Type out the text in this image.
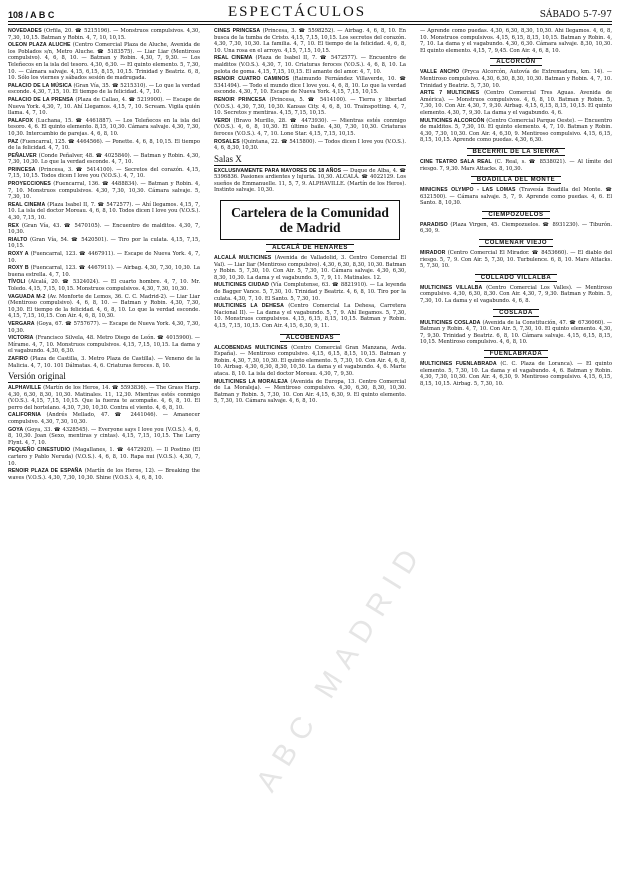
108 / A B C	ESPECTÁCULOS	SÁBADO 5-7-97

NOVEDADES (Orfila, 20. ☎ 5215196). — Monstruos compulsivos. 4,30, 7,30, 10,15. Batman y Robin. 4, 7, 10, 10,15.

OLEON PLAZA ALUCHE (Centro Comercial Plaza de Aluche, Avenida de los Poblados s/n, Metro Aluche. ☎ 5183575). — Liar Liar (Mentiroso compulsivo). 4, 6, 8, 10. — Batman y Robin. 4,30, 7, 9,30. — Los Teleñecos en la isla del tesoro. 4,30, 6,30. — El quinto elemento. 5, 7,30, 10. — Cámara salvaje. 4,15, 6,15, 8,15, 10,15. Trinidad y Beatriz. 6, 8, 10. Sólo los viernes y sábados sesión de madrugada.

PALACIO DE LA MÚSICA (Gran Vía, 35. ☎ 5215310). — Lo que la verdad esconde. 4,30, 7,15, 10. El tiempo de la felicidad. 4, 7, 10.

PALACIO DE LA PRENSA (Plaza de Callao, 4. ☎ 5219900). — Escape de Nueva York. 4,30, 7, 10. Ahí Llegamos. 4,15, 7, 10. Scream. Vigila quién llama. 4, 7, 10.

PALAFOX (Luchana, 15. ☎ 4461887). — Los Teleñecos en la isla del tesoro. 4, 6. El quinto elemento. 8,15, 10,30. Cámara salvaje. 4,30, 7,30, 10,30. Intercambio de parejas. 4, 6, 8, 10.

PAZ (Fuencarral, 125. ☎ 4464566). — Ponette. 4, 6, 8, 10,15. El tiempo de la felicidad. 4, 7, 10.

PEÑALVER (Conde Peñalver, 48. ☎ 4025840). — Batman y Robin. 4,30, 7,30, 10,30. Lo que la verdad esconde. 4, 7, 10.

PRINCESA (Princesa, 3. ☎ 5414100). — Secretos del corazón. 4,15, 7,15, 10,15. Todos dicen I love you (V.O.S.). 4, 7, 10.

PROYECCIONES (Fuencarral, 136. ☎ 4488834). — Batman y Robin. 4, 7, 10. Monstruos compulsivos. 4,30, 7,30, 10,30. Cámara salvaje. 5, 7,30, 10.

REAL CINEMA (Plaza Isabel II, 7. ☎ 5472577). — Ahí llegamos. 4,15, 7, 10. La isla del doctor Moreau. 4, 6, 8, 10. Todos dicen I love you (V.O.S.). 4,30, 7,15, 10.

REX (Gran Vía, 43. ☎ 5470105). — Encuentro de malditos. 4,30, 7, 10,30.

RIALTO (Gran Vía, 54. ☎ 5420501). — Tiro por la culata. 4,15, 7,15, 10,15.

ROXY A (Fuencarral, 123. ☎ 4467911). — Escape de Nueva York. 4, 7, 10.

ROXY B (Fuencarral, 123. ☎ 4467911). — Airbag. 4,30, 7,30, 10,30. La buena estrella. 4, 7, 10.

TÍVOLI (Alcalá, 20. ☎ 5324024). — El cuarto hombre. 4, 7, 10. Mr. Toledo. 4,15, 7,15, 10,15. Monstruos compulsivos. 4,30, 7,30, 10,30.

VAGUADA M-2 (Av. Monforte de Lemos, 36. C. C. Madrid-2). — Liar Liar (Mentiroso compulsivo). 4, 6, 8, 10. — Batman y Robin. 4,30, 7,30, 10,30. El tiempo de la felicidad. 4, 6, 8, 10. Lo que la verdad esconde. 4,15, 7,15, 10,15. Con Air. 4, 6, 8, 10,30.

VERGARA (Goya, 67. ☎ 5757677). — Escape de Nueva York. 4,30, 7,30, 10,30.

VICTORIA (Francisco Silvela, 48. Metro Diego de León. ☎ 4015900). — Mírame. 4, 7, 10. Monstruos compulsivos. 4,15, 7,15, 10,15. La dama y el vagabundo. 4,30, 6,30.

ZAFIRO (Plaza de Castilla, 3. Metro Plaza de Castilla). — Veneno de la Malicia. 4, 7, 10. 101 Dálmatas. 4, 6. Criaturas feroces. 8, 10.

Versión original

ALPHAVILLE (Martín de los Heros, 14. ☎ 5593836). — The Grass Harp. 4,30, 6,30, 8,30, 10,30. Matinales. 11, 12,30. Mientras estés conmigo (V.O.S.). 4,15, 7,15, 10,15. Que la fuerza te acompañe. 4, 6, 8, 10. El perro del hortelano. 4,30, 7,30, 10,30. Contra el viento. 4, 6, 8, 10.

CALIFORNIA (Andrés Mellado, 47. ☎ 2441046). — Amanecer compulsivo. 4,30, 7,30, 10,30.

GOYA (Goya, 33. ☎ 4328545). — Everyone says I love you (V.O.S.). 4, 6, 8, 10,30. Joan (Sexo, mentiras y cintas). 4,15, 7,15, 10,15. The Larry Flynt. 4, 7, 10.

PEQUEÑO CINESTUDIO (Magallanes, 1. ☎ 4472920). — Il Postino (El cartero y Pablo Neruda) (V.O.S.). 4, 6, 8, 10. Rapa nui (V.O.S.). 4,30, 7, 10.

RENOIR PLAZA DE ESPAÑA (Martín de los Heros, 12). — Breaking the waves (V.O.S.). 4,30, 7,30, 10,30. Shine (V.O.S.). 4, 6, 8, 10.

CINES PRINCESA (Princesa, 3. ☎ 5598252). — Airbag. 4, 6, 8, 10. En busca de la tumba de Cristo. 4,15, 7,15, 10,15. Los secretos del corazón. 4,30, 7,30, 10,30. La familia. 4, 7, 10. El tiempo de la felicidad. 4, 6, 8, 10. Una rosa en el arroyo. 4,15, 7,15, 10,15.

REAL CINEMA (Plaza de Isabel II, 7. ☎ 5472577). — Encuentro de malditos (V.O.S.). 4,30, 7, 10. Criaturas feroces (V.O.S.). 4, 6, 8, 10. La pelota de goma. 4,15, 7,15, 10,15. El amante del amor. 4, 7, 10.

RENOIR CUATRO CAMINOS (Raimundo Fernández Villaverde, 10. ☎ 5341494). — Todo el mundo dice I love you. 4, 6, 8, 10. Lo que la verdad esconde. 4,30, 7, 10. Escape de Nueva York. 4,15, 7,15, 10,15.

RENOIR PRINCESA (Princesa, 5. ☎ 5414100). — Tierra y libertad (V.O.S.). 4,30, 7,30, 10,30. Kansas City. 4, 6, 8, 10. Trainspotting. 4, 7, 10. Secretos y mentiras. 4,15, 7,15, 10,15.

VERDI (Bravo Murillo, 28. ☎ 4473930). — Mientras estés conmigo (V.O.S.). 4, 6, 8, 10,30. El último baile. 4,30, 7,30, 10,30. Criaturas feroces (V.O.S.). 4, 7, 10. Lone Star. 4,15, 7,15, 10,15.

ROSALES (Quintana, 22. ☎ 5415800). — Todos dicen I love you (V.O.S.). 4, 6, 8,30, 10,30.

Salas X

EXCLUSIVAMENTE PARA MAYORES DE 18 AÑOS — Duque de Alba, 4. ☎ 5396836. Pasiones ardientes y lujuria. 10,30. ALCALÁ. ☎ 4022129. Los sueños de Emmanuelle. 11, 5, 7, 9. ALPHAVILLE. (Martín de los Heros). Instinto salvaje. 10,30.

Cartelera de la Comunidad de Madrid
ALCALÁ DE HENARES

ALCALÁ MULTICINES (Avenida de Valladolid, 3. Centro Comercial El Val). — Liar liar (Mentiroso compulsivo). 4,30, 6,30, 8,30, 10,30. Batman y Robin. 5, 7,30, 10. Con Air. 5, 7,30, 10. Cámara salvaje. 4,30, 6,30, 8,30, 10,30. La dama y el vagabundo. 5, 7, 9, 11. Matinales. 12.

MULTICINES CIUDAD (Vía Complutense, 63. ☎ 8821910). — La leyenda de Bagger Vance. 5, 7,30, 10. Trinidad y Beatriz. 4, 6, 8, 10. Tiro por la culata. 4,30, 7, 10. El Santo. 5, 7,30, 10.

MULTICINES LA DEHESA (Centro Comercial La Dehesa, Carretera Nacional II). — La dama y el vagabundo. 5, 7, 9. Ahí llegamos. 5, 7,30, 10. Monstruos compulsivos. 4,15, 6,15, 8,15, 10,15. Batman y Robin. 4,15, 7,15, 10,15. Con Air. 4,15, 6,30, 9, 11.

ALCOBENDAS

ALCOBENDAS MULTICINES (Centro Comercial Gran Manzana, Avda. España). — Mentiroso compulsivo. 4,15, 6,15, 8,15, 10,15. Batman y Robin. 4,30, 7,30, 10,30. El quinto elemento. 5, 7,30, 10. Con Air. 4, 6, 8, 10. Airbag. 4,30, 6,30, 8,30, 10,30. La dama y el vagabundo. 4, 6. Marte ataca. 8, 10. La isla del doctor Moreau. 4,30, 7, 9,30.

MULTICINES LA MORALEJA (Avenida de Europa, 13. Centro Comercial de La Moraleja). — Mentiroso compulsivo. 4,30, 6,30, 8,30, 10,30. Batman y Robin. 5, 7,30, 10. Con Air. 4,15, 6,30, 9. El quinto elemento. 5, 7,30, 10. Cámara salvaje. 4, 6, 8, 10.

— Aprende como puedas. 4,30, 6,30, 8,30, 10,30. Ahí llegamos. 4, 6, 8, 10. Monstruos compulsivos. 4,15, 6,15, 8,15, 10,15. Batman y Robin. 4, 7, 10. La dama y el vagabundo. 4,30, 6,30. Cámara salvaje. 8,30, 10,30. El quinto elemento. 4,15, 7, 9,45. Con Air. 4, 6, 8, 10.

ALCORCÓN

VALLE ANCHO (Pryca Alcorcón, Autovía de Extremadura, km. 14). — Mentiroso compulsivo. 4,30, 6,30, 8,30, 10,30. Batman y Robin. 4, 7, 10. Trinidad y Beatriz. 5, 7,30, 10.

ARTE 7 MULTICINES (Centro Comercial Tres Aguas. Avenida de América). — Monstruos compulsivos. 4, 6, 8, 10. Batman y Robin. 5, 7,30, 10. Con Air. 4,30, 7, 9,30. Airbag. 4,15, 6,15, 8,15, 10,15. El quinto elemento. 4,30, 7, 9,30. La dama y el vagabundo. 4, 6.

MULTICINES ALCORCÓN (Centro Comercial Parque Oeste). — Encuentro de malditos. 5, 7,30, 10. El quinto elemento. 4, 7, 10. Batman y Robin. 4,30, 7,30, 10,30. Con Air. 4, 6,30, 9. Mentiroso compulsivo. 4,15, 6,15, 8,15, 10,15. Aprende como puedas. 4,30, 6,30.

BECERRIL DE LA SIERRA

CINE TEATRO SALA REAL (C. Real, s. ☎ 8538021). — Al límite del riesgo. 7, 9,30. Mars Attacks. 8, 10,30.

BOADILLA DEL MONTE

MINICINES OLYMPO - LAS LOMAS (Travesía Boadilla del Monte. ☎ 6321500). — Cámara salvaje. 5, 7, 9. Aprende como puedas. 4, 6. El Santo. 8, 10,30.

CIEMPOZUELOS

PARADISO (Plaza Virgen, 45. Ciempozuelos. ☎ 8931230). — Tiburón. 6,30, 9.

COLMENAR VIEJO

MIRADOR (Centro Comercial El Mirador. ☎ 8453660). — El diablo del riesgo. 5, 7, 9. Con Air. 5, 7,30, 10. Turbulence. 6, 8, 10. Mars Attacks. 5, 7,30, 10.

COLLADO VILLALBA

MULTICINES VILLALBA (Centro Comercial Los Valles). — Mentiroso compulsivo. 4,30, 6,30, 8,30. Con Air. 4,30, 7, 9,30. Batman y Robin. 5, 7,30, 10. La dama y el vagabundo. 4, 6, 8.

COSLADA

MULTICINES COSLADA (Avenida de la Constitución, 47. ☎ 6736060). — Batman y Robin. 4, 7, 10. Con Air. 5, 7,30, 10. El quinto elemento. 4,30, 7, 9,30. Trinidad y Beatriz. 6, 8, 10. Cámara salvaje. 4,15, 6,15, 8,15, 10,15. Mentiroso compulsivo. 4, 6, 8, 10.

FUENLABRADA

MULTICINES FUENLABRADA (C. C. Plaza de Loranca). — El quinto elemento. 5, 7,30, 10. La dama y el vagabundo. 4, 6. Batman y Robin. 4,30, 7,30, 10,30. Con Air. 4, 6,30, 9. Mentiroso compulsivo. 4,15, 6,15, 8,15, 10,15. Airbag. 5, 7,30, 10.

ABC MADRID
